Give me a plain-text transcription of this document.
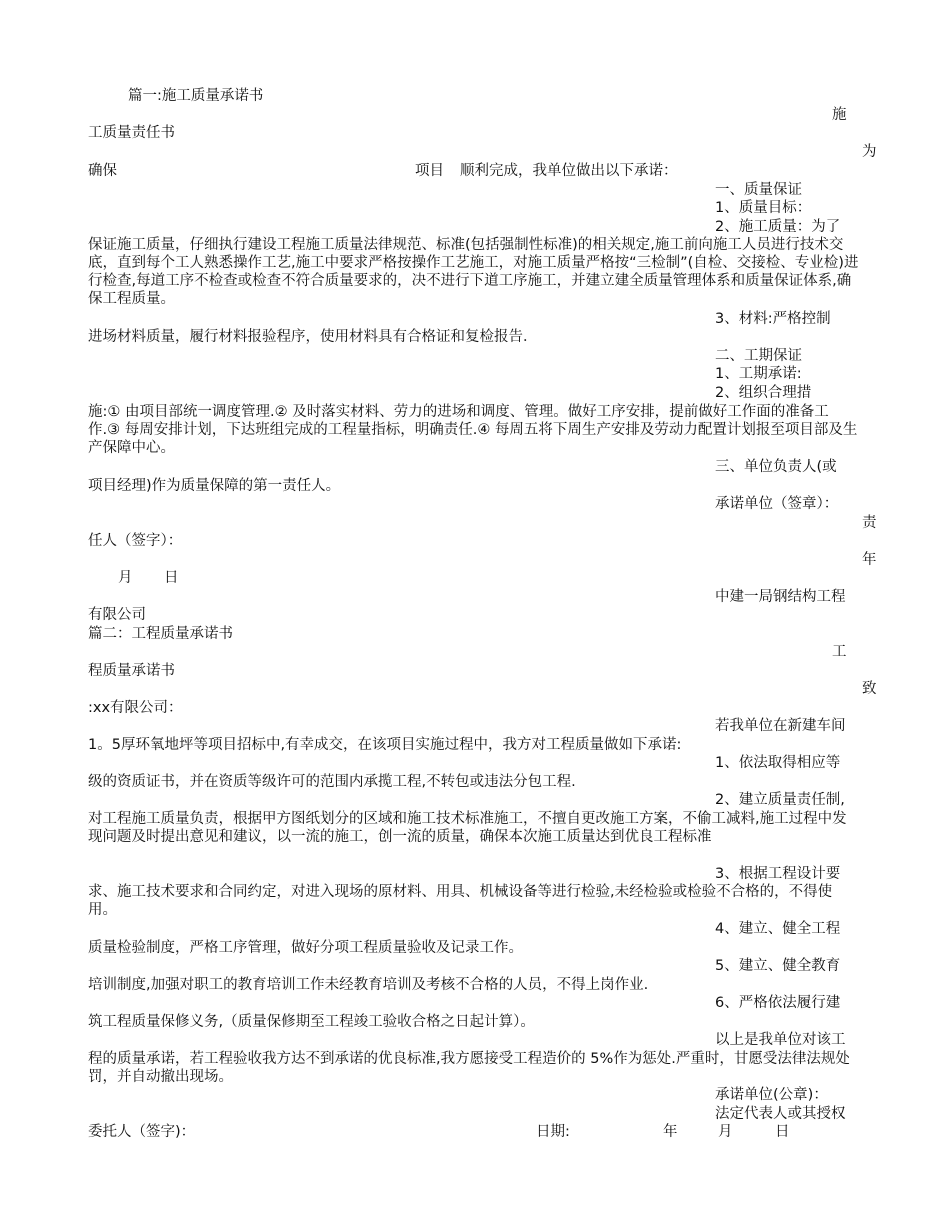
篇一:施工质量承诺书
施
工质量责任书
为
确保	项目 顺利完成，我单位做出以下承诺：
一、质量保证
1、质量目标：
2、施工质量：为了
保证施工质量，仔细执行建设工程施工质量法律规范、标准(包括强制性标准)的相关规定,施工前向施工人员进行技术交底，直到每个工人熟悉操作工艺,施工中要求严格按操作工艺施工，对施工质量严格按“三检制”(自检、交接检、专业检)进行检查,每道工序不检查或检查不符合质量要求的，决不进行下道工序施工，并建立建全质量管理体系和质量保证体系,确保工程质量。
3、材料:严格控制
进场材料质量，履行材料报验程序，使用材料具有合格证和复检报告．
二、工期保证
1、工期承诺:
2、组织合理措
施:① 由项目部统一调度管理.② 及时落实材料、劳力的进场和调度、管理。做好工序安排，提前做好工作面的准备工作.③ 每周安排计划，下达班组完成的工程量指标，明确责任.④ 每周五将下周生产安排及劳动力配置计划报至项目部及生产保障中心。
三、单位负责人(或
项目经理)作为质量保障的第一责任人。
承诺单位（签章）：
责
任人（签字）：
年
月 日
中建一局钢结构工程
有限公司
篇二：工程质量承诺书
工
程质量承诺书
致
:xx有限公司：
若我单位在新建车间
1。5厚环氧地坪等项目招标中,有幸成交，在该项目实施过程中，我方对工程质量做如下承诺:
1、依法取得相应等
级的资质证书，并在资质等级许可的范围内承揽工程,不转包或违法分包工程.
2、建立质量责任制,
对工程施工质量负责，根据甲方图纸划分的区域和施工技术标准施工，不擅自更改施工方案，不偷工减料,施工过程中发现问题及时提出意见和建议，以一流的施工，创一流的质量，确保本次施工质量达到优良工程标准
3、根据工程设计要
求、施工技术要求和合同约定，对进入现场的原材料、用具、机械设备等进行检验,未经检验或检验不合格的，不得使用。
4、建立、健全工程
质量检验制度，严格工序管理，做好分项工程质量验收及记录工作。
5、建立、健全教育
培训制度,加强对职工的教育培训工作未经教育培训及考核不合格的人员，不得上岗作业.
6、严格依法履行建
筑工程质量保修义务,（质量保修期至工程竣工验收合格之日起计算）。
以上是我单位对该工
程的质量承诺，若工程验收我方达不到承诺的优良标准,我方愿接受工程造价的 5%作为惩处.严重时，甘愿受法律法规处罚，并自动撤出现场。
承诺单位(公章)：
法定代表人或其授权
委托人（签字)：	日期:	年	月	日
